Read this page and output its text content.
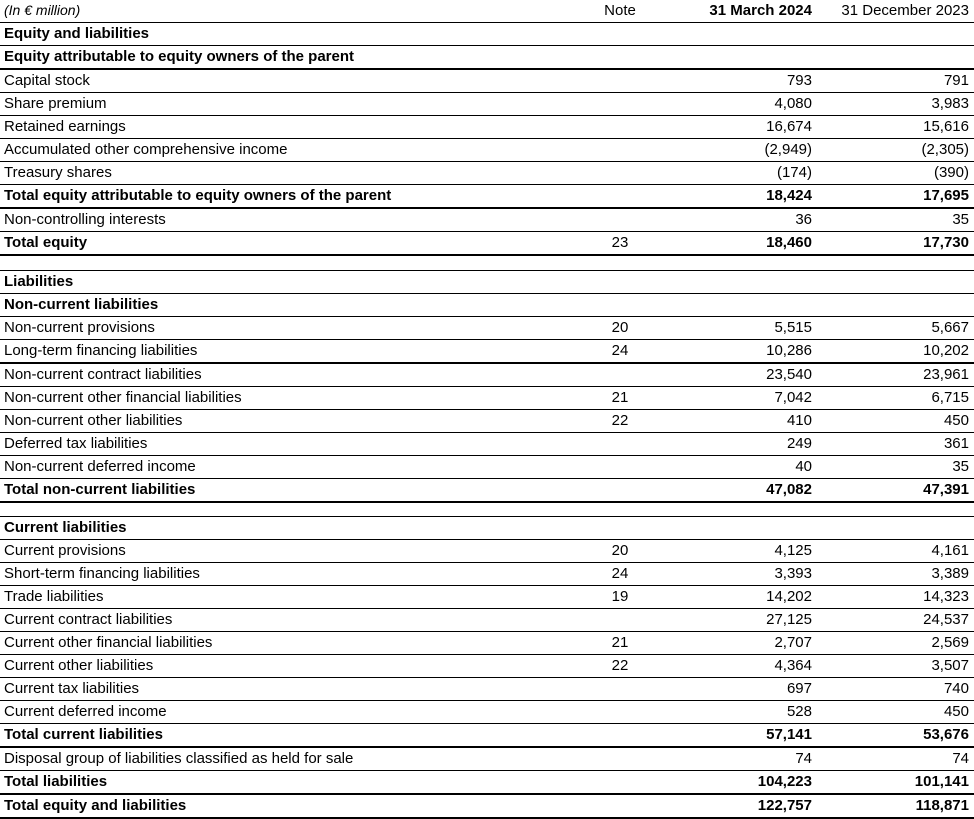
(In € million)	Note	31 March 2024	31 December 2023
Equity and liabilities			
Equity attributable to equity owners of the parent			
Capital stock		793	791
Share premium		4,080	3,983
Retained earnings		16,674	15,616
Accumulated other comprehensive income		(2,949)	(2,305)
Treasury shares		(174)	(390)
Total equity attributable to equity owners of the parent		18,424	17,695
Non-controlling interests		36	35
Total equity	23	18,460	17,730

Liabilities			
Non-current liabilities			
Non-current provisions	20	5,515	5,667
Long-term financing liabilities	24	10,286	10,202
Non-current contract liabilities		23,540	23,961
Non-current other financial liabilities	21	7,042	6,715
Non-current other liabilities	22	410	450
Deferred tax liabilities		249	361
Non-current deferred income		40	35
Total non-current liabilities		47,082	47,391

Current liabilities			
Current provisions	20	4,125	4,161
Short-term financing liabilities	24	3,393	3,389
Trade liabilities	19	14,202	14,323
Current contract liabilities		27,125	24,537
Current other financial liabilities	21	2,707	2,569
Current other liabilities	22	4,364	3,507
Current tax liabilities		697	740
Current deferred income		528	450
Total current liabilities		57,141	53,676
Disposal group of liabilities classified as held for sale		74	74
Total liabilities		104,223	101,141
Total equity and liabilities		122,757	118,871
